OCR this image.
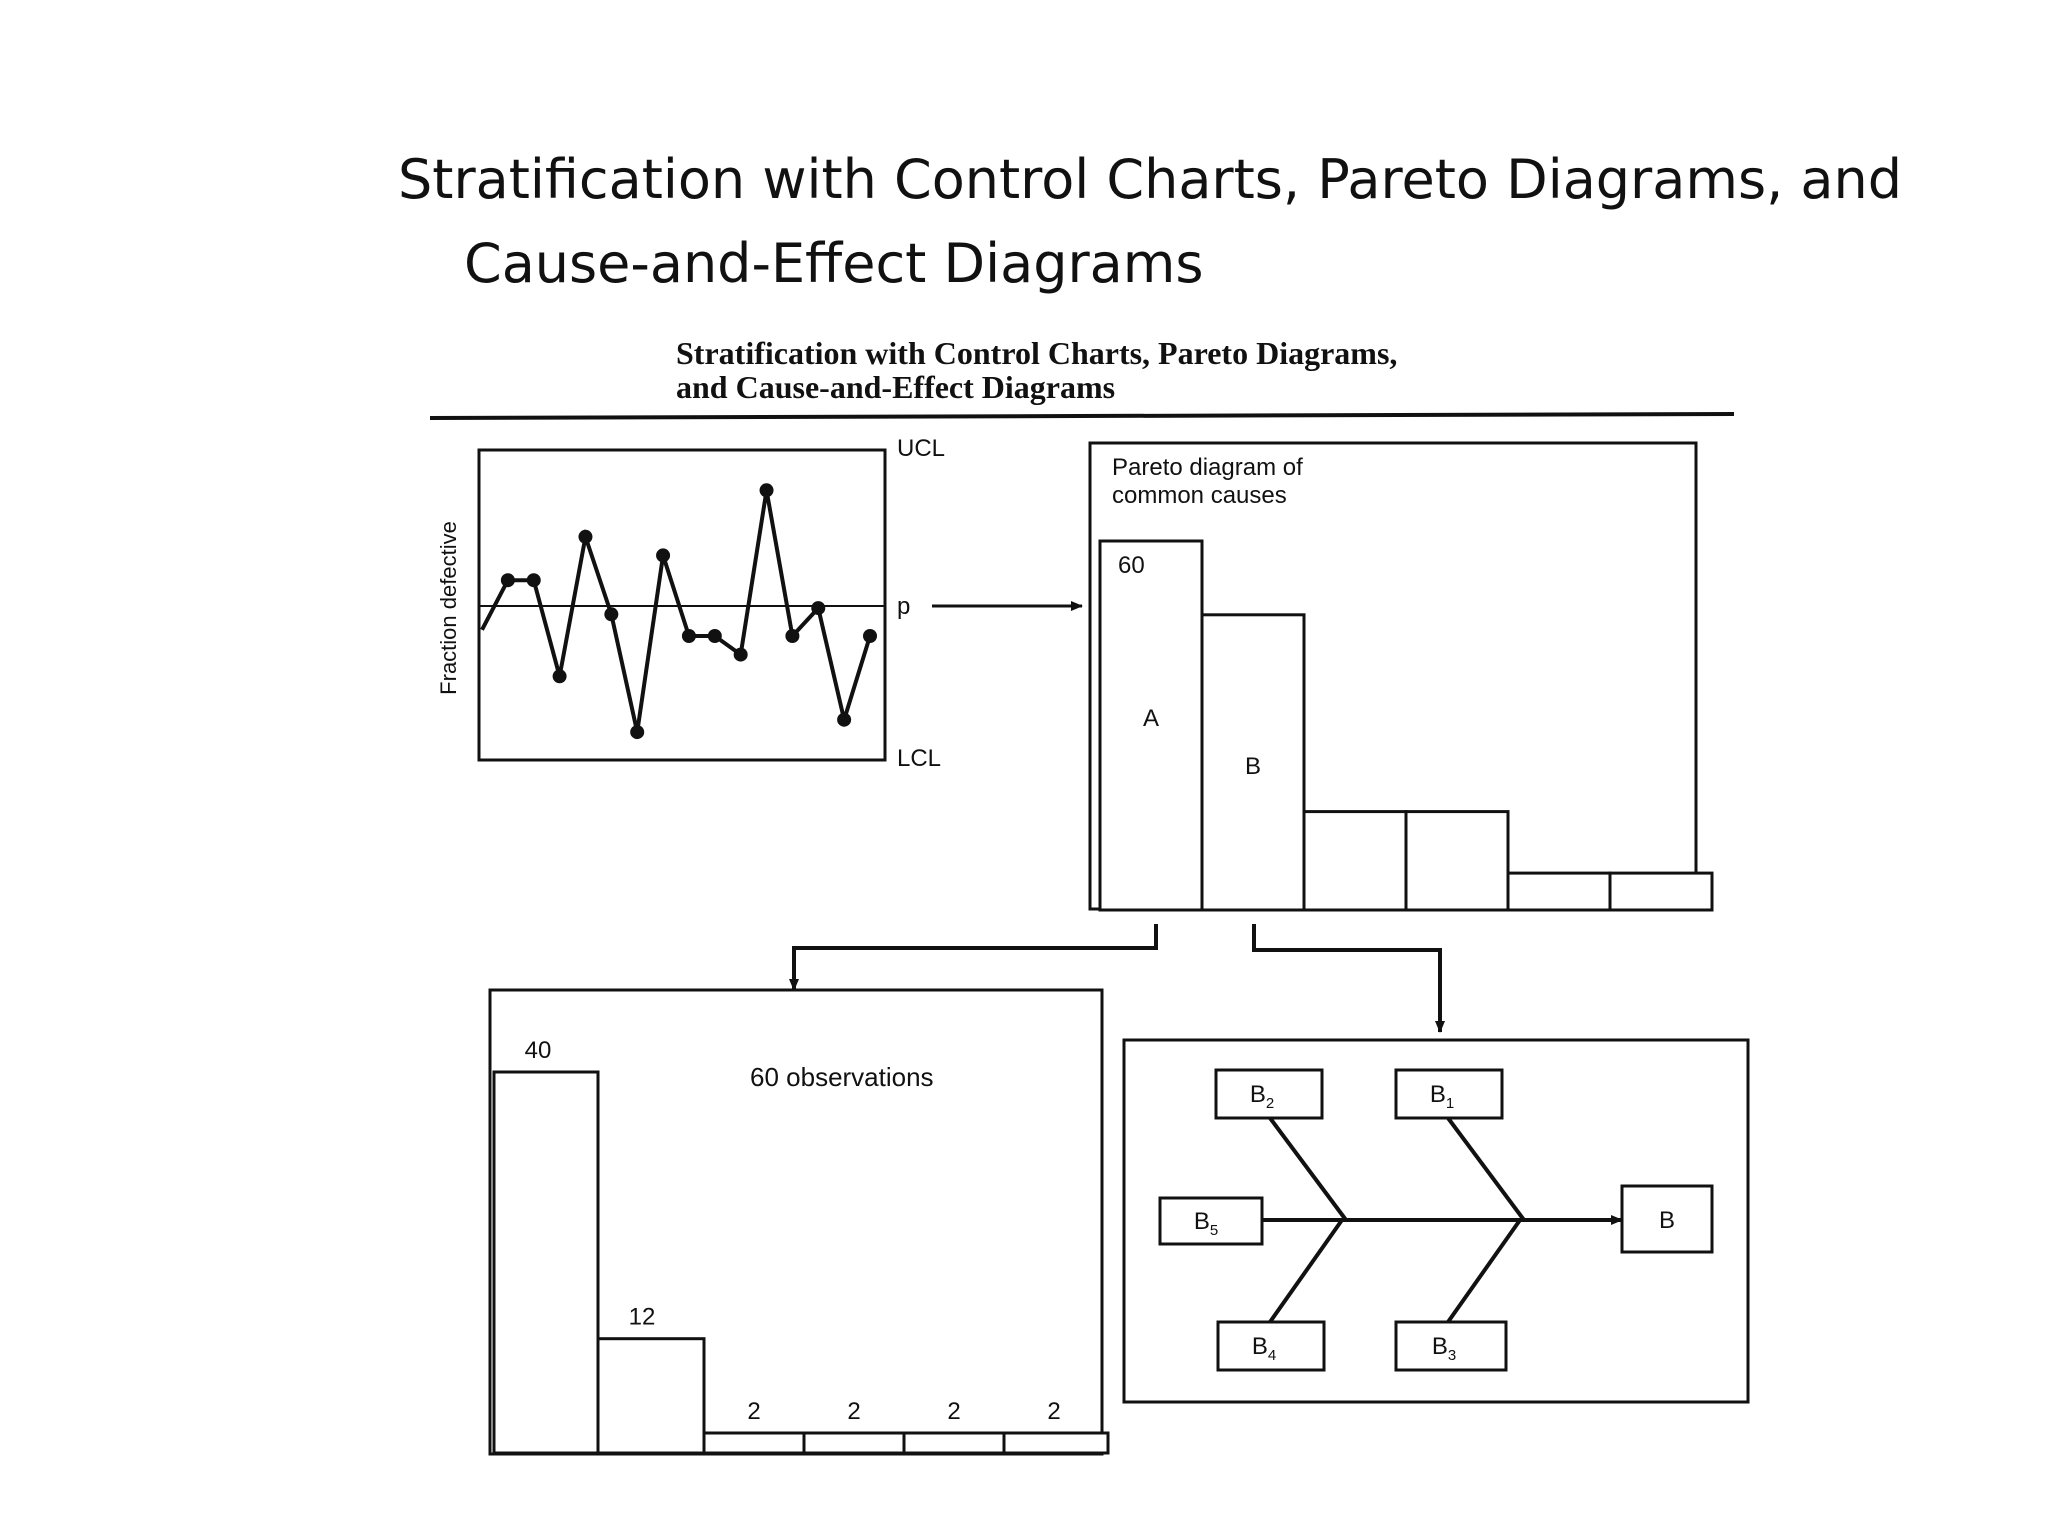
Stratification with Control Charts, Pareto Diagrams, and
Cause-and-Effect Diagrams
Stratification with Control Charts, Pareto Diagrams,
and Cause-and-Effect Diagrams
Fraction defective
UCL
p
LCL
Pareto diagram of
common causes
60
A
B
60 observations
40
12
2	2	2	2
$B_2$	$B_1$
$B_5$	B
$B_4$	$B_3$
